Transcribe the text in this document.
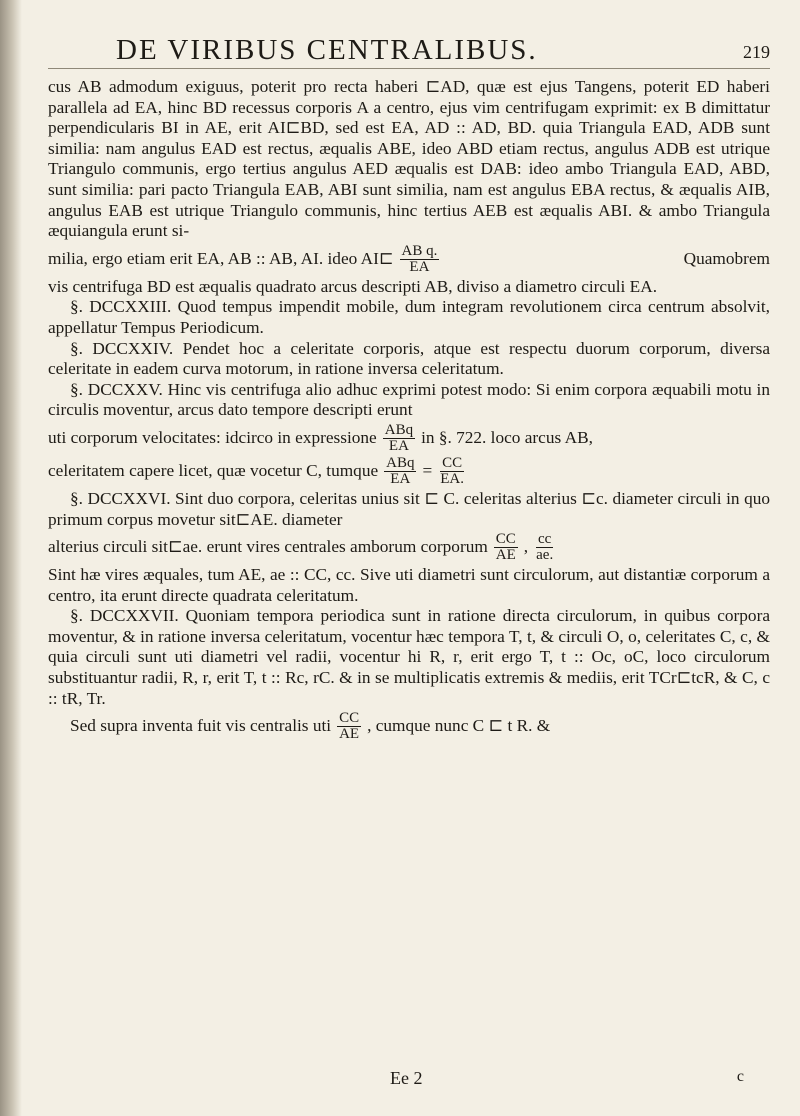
DE VIRIBUS CENTRALIBUS.	219

cus AB admodum exiguus, poterit pro recta haberi ⊏AD, quæ est ejus Tangens, poterit ED haberi parallela ad EA, hinc BD recessus corporis A a centro, ejus vim centrifugam exprimit: ex B dimittatur perpendicularis BI in AE, erit AI⊏BD, sed est EA, AD :: AD, BD. quia Triangula EAD, ADB sunt similia: nam angulus EAD est rectus, æqualis ABE, ideo ABD etiam rectus, angulus ADB est utrique Triangulo communis, ergo tertius angulus AED æqualis est DAB: ideo ambo Triangula EAD, ABD, sunt similia: pari pacto Triangula EAB, ABI sunt similia, nam est angulus EBA rectus, & æqualis AIB, angulus EAB est utrique Triangulo communis, hinc tertius AEB est æqualis ABI. & ambo Triangula æquiangula erunt si-

milia, ergo etiam erit EA, AB :: AB, AI. ideo AI⊏ $\frac{\text{AB q.}}{EA}$	Quamobrem

vis centrifuga BD est æqualis quadrato arcus descripti AB, diviso a diametro circuli EA.

§. DCCXXIII. Quod tempus impendit mobile, dum integram revolutionem circa centrum absolvit, appellatur Tempus Periodicum.

§. DCCXXIV. Pendet hoc a celeritate corporis, atque est respectu duorum corporum, diversa celeritate in eadem curva motorum, in ratione inversa celeritatum.

§. DCCXXV. Hinc vis centrifuga alio adhuc exprimi potest modo: Si enim corpora æquabili motu in circulis moventur, arcus dato tempore descripti erunt

uti corporum velocitates: idcirco in expressione $\frac{\text{ABq}}{EA}$ in §. 722. loco arcus AB,
celeritatem capere licet, quæ vocetur C, tumque $\frac{\text{ABq}}{EA} = \frac{CC}{EA.}$

§. DCCXXVI. Sint duo corpora, celeritas unius sit ⊏ C. celeritas alterius ⊏c. diameter circuli in quo primum corpus movetur sit⊏AE. diameter

alterius circuli sit⊏ae. erunt vires centrales amborum corporum $\frac{CC}{AE}$ , $\frac{cc}{ae.}$

Sint hæ vires æquales, tum AE, ae :: CC, cc. Sive uti diametri sunt circulorum, aut distantiæ corporum a centro, ita erunt directe quadrata celeritatum.

§. DCCXXVII. Quoniam tempora periodica sunt in ratione directa circulorum, in quibus corpora moventur, & in ratione inversa celeritatum, vocentur hæc tempora T, t, & circuli O, o, celeritates C, c, & quia circuli sunt uti diametri vel radii, vocentur hi R, r, erit ergo T, t :: Oc, oC, loco circulorum substituantur radii, R, r, erit T, t :: Rc, rC. & in se multiplicatis extremis & mediis, erit TCr⊏tcR, & C, c :: tR, Tr.

Sed supra inventa fuit vis centralis uti $\frac{CC}{AE}$ , cumque nunc C ⊏ t R. &
Ee 2	c
